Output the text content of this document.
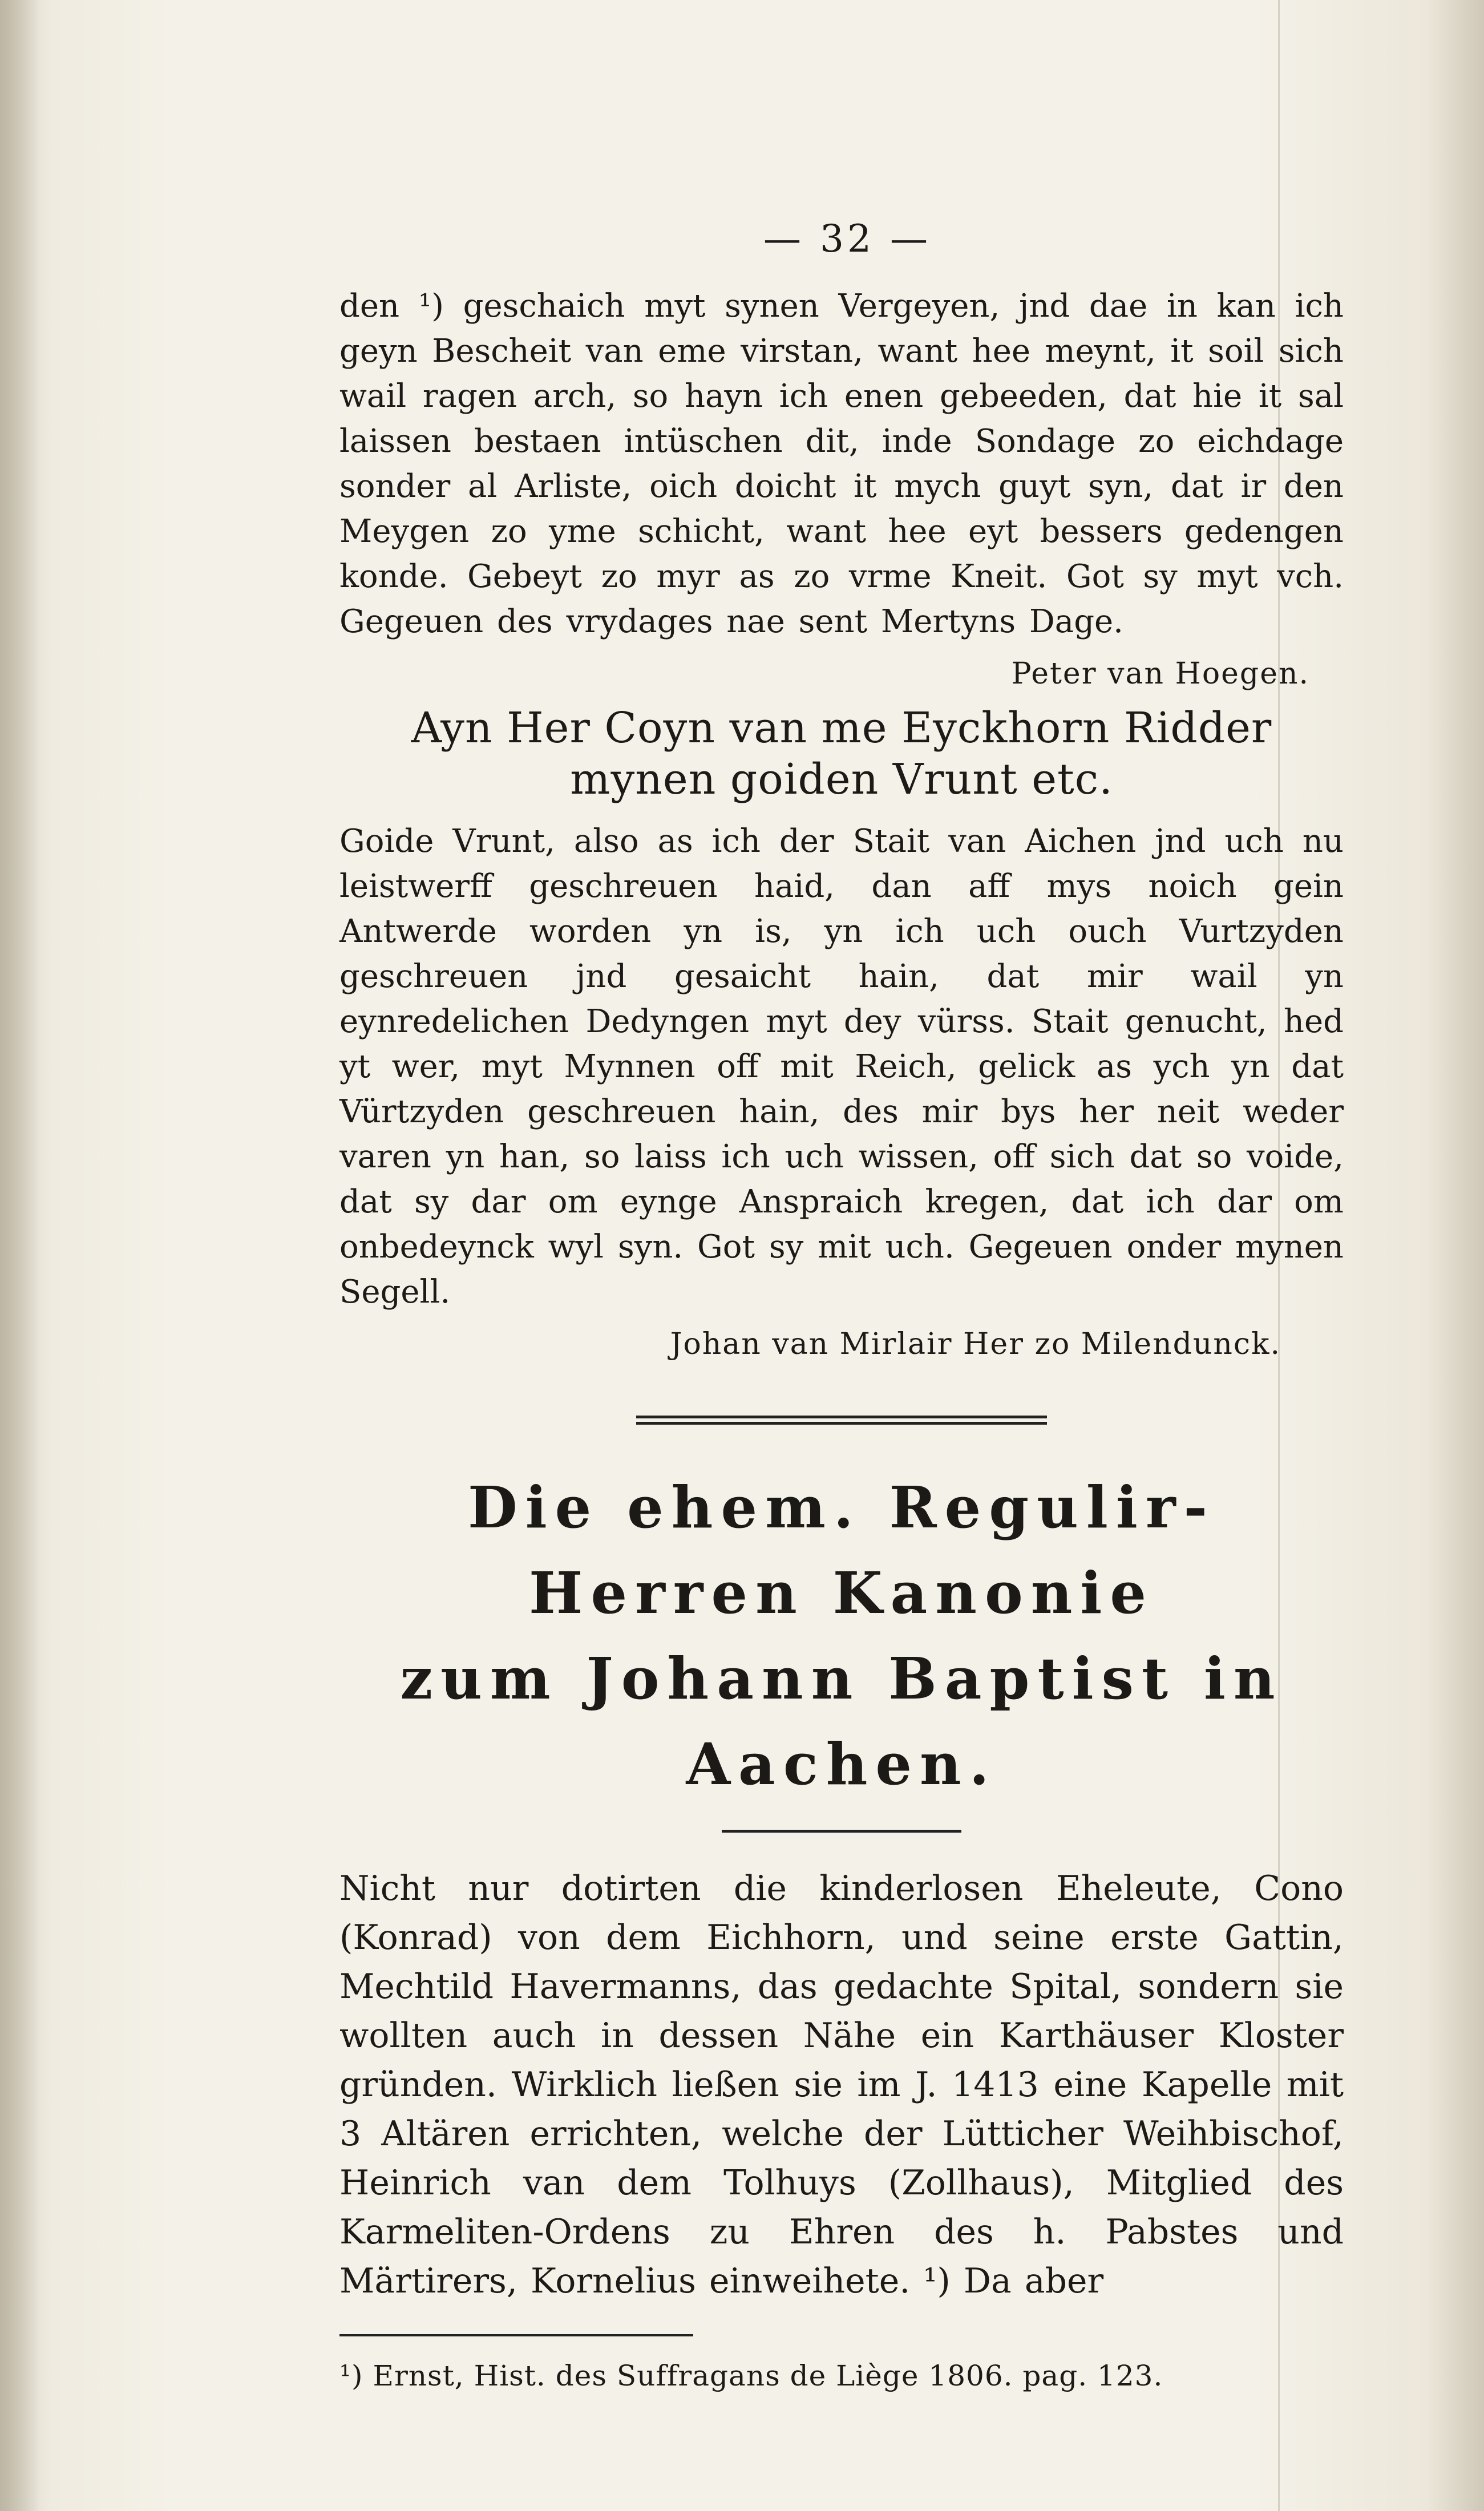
— 32 —

den ¹) geschaich myt synen Vergeyen, jnd dae in kan ich geyn Bescheit van eme virstan, want hee meynt, it soil sich wail ragen arch, so hayn ich enen gebeeden, dat hie it sal laissen bestaen intüschen dit, inde Sondage zo eichdage sonder al Arliste, oich doicht it mych guyt syn, dat ir den Meygen zo yme schicht, want hee eyt bessers gedengen konde. Gebeyt zo myr as zo vrme Kneit. Got sy myt vch. Gegeuen des vrydages nae sent Mertyns Dage.

Peter van Hoegen.
Ayn Her Coyn van me Eyckhorn Ridder
mynen goiden Vrunt etc.

Goide Vrunt, also as ich der Stait van Aichen jnd uch nu leistwerff geschreuen haid, dan aff mys noich gein Antwerde worden yn is, yn ich uch ouch Vurtzyden geschreuen jnd gesaicht hain, dat mir wail yn eynredelichen Dedyngen myt dey vürss. Stait genucht, hed yt wer, myt Mynnen off mit Reich, gelick as ych yn dat Vürtzyden geschreuen hain, des mir bys her neit weder varen yn han, so laiss ich uch wissen, off sich dat so voide, dat sy dar om eynge Anspraich kregen, dat ich dar om onbedeynck wyl syn. Got sy mit uch. Gegeuen onder mynen Segell.

Johan van Mirlair Her zo Milendunck.
Die ehem. Regulir-Herren Kanonie
zum Johann Baptist in Aachen.

Nicht nur dotirten die kinderlosen Eheleute, Cono (Konrad) von dem Eichhorn, und seine erste Gattin, Mechtild Havermanns, das gedachte Spital, sondern sie wollten auch in dessen Nähe ein Karthäuser Kloster gründen. Wirklich ließen sie im J. 1413 eine Kapelle mit 3 Altären errichten, welche der Lütticher Weihbischof, Heinrich van dem Tolhuys (Zollhaus), Mitglied des Karmeliten-Ordens zu Ehren des h. Pabstes und Märtirers, Kornelius einweihete. ¹) Da aber

¹) Ernst, Hist. des Suffragans de Liège 1806. pag. 123.
